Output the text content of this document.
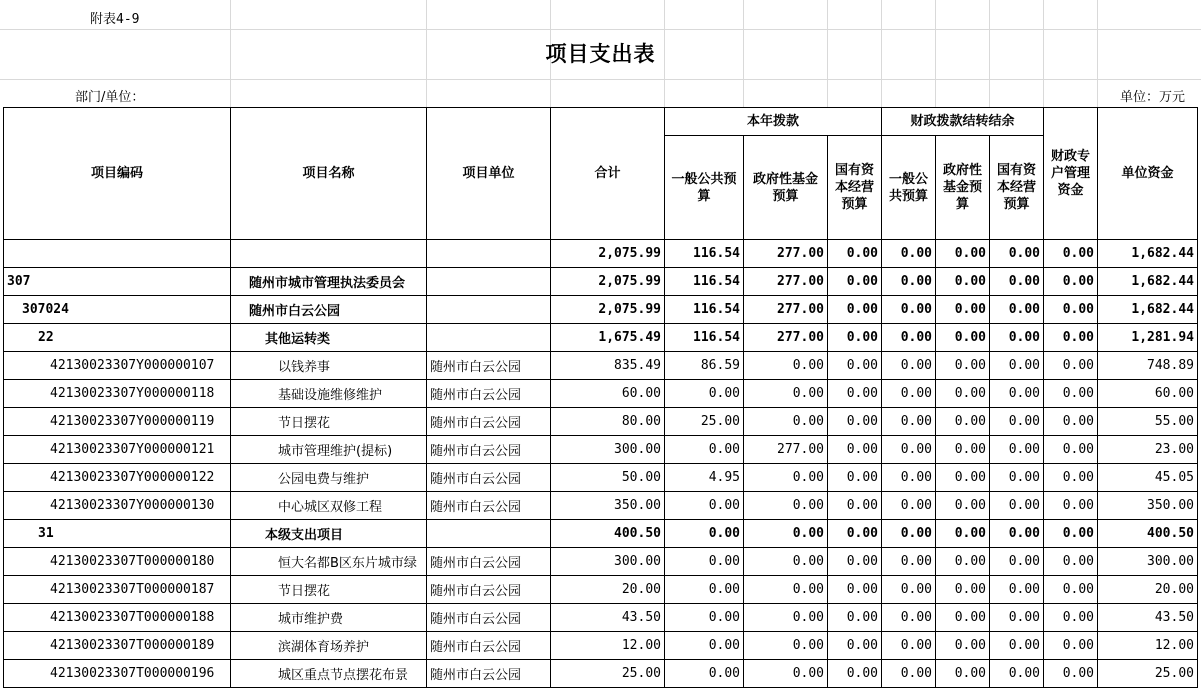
附表4-9
项目支出表
部门/单位：	单位：万元
项目编码	项目名称	项目单位	合计	本年拨款			财政拨款结转结余			财政专户管理资金	单位资金
				一般公共预算	政府性基金预算	国有资本经营预算	一般公共预算	政府性基金预算	国有资本经营预算		
			2,075.99	116.54	277.00	0.00	0.00	0.00	0.00	0.00	1,682.44
307	随州市城市管理执法委员会		2,075.99	116.54	277.00	0.00	0.00	0.00	0.00	0.00	1,682.44
307024	随州市白云公园		2,075.99	116.54	277.00	0.00	0.00	0.00	0.00	0.00	1,682.44
22	其他运转类		1,675.49	116.54	277.00	0.00	0.00	0.00	0.00	0.00	1,281.94
42130023307Y000000107	以钱养事	随州市白云公园	835.49	86.59	0.00	0.00	0.00	0.00	0.00	0.00	748.89
42130023307Y000000118	基础设施维修维护	随州市白云公园	60.00	0.00	0.00	0.00	0.00	0.00	0.00	0.00	60.00
42130023307Y000000119	节日摆花	随州市白云公园	80.00	25.00	0.00	0.00	0.00	0.00	0.00	0.00	55.00
42130023307Y000000121	城市管理维护(提标)	随州市白云公园	300.00	0.00	277.00	0.00	0.00	0.00	0.00	0.00	23.00
42130023307Y000000122	公园电费与维护	随州市白云公园	50.00	4.95	0.00	0.00	0.00	0.00	0.00	0.00	45.05
42130023307Y000000130	中心城区双修工程	随州市白云公园	350.00	0.00	0.00	0.00	0.00	0.00	0.00	0.00	350.00
31	本级支出项目		400.50	0.00	0.00	0.00	0.00	0.00	0.00	0.00	400.50
42130023307T000000180	恒大名都B区东片城市绿	随州市白云公园	300.00	0.00	0.00	0.00	0.00	0.00	0.00	0.00	300.00
42130023307T000000187	节日摆花	随州市白云公园	20.00	0.00	0.00	0.00	0.00	0.00	0.00	0.00	20.00
42130023307T000000188	城市维护费	随州市白云公园	43.50	0.00	0.00	0.00	0.00	0.00	0.00	0.00	43.50
42130023307T000000189	滨湖体育场养护	随州市白云公园	12.00	0.00	0.00	0.00	0.00	0.00	0.00	0.00	12.00
42130023307T000000196	城区重点节点摆花布景	随州市白云公园	25.00	0.00	0.00	0.00	0.00	0.00	0.00	0.00	25.00
